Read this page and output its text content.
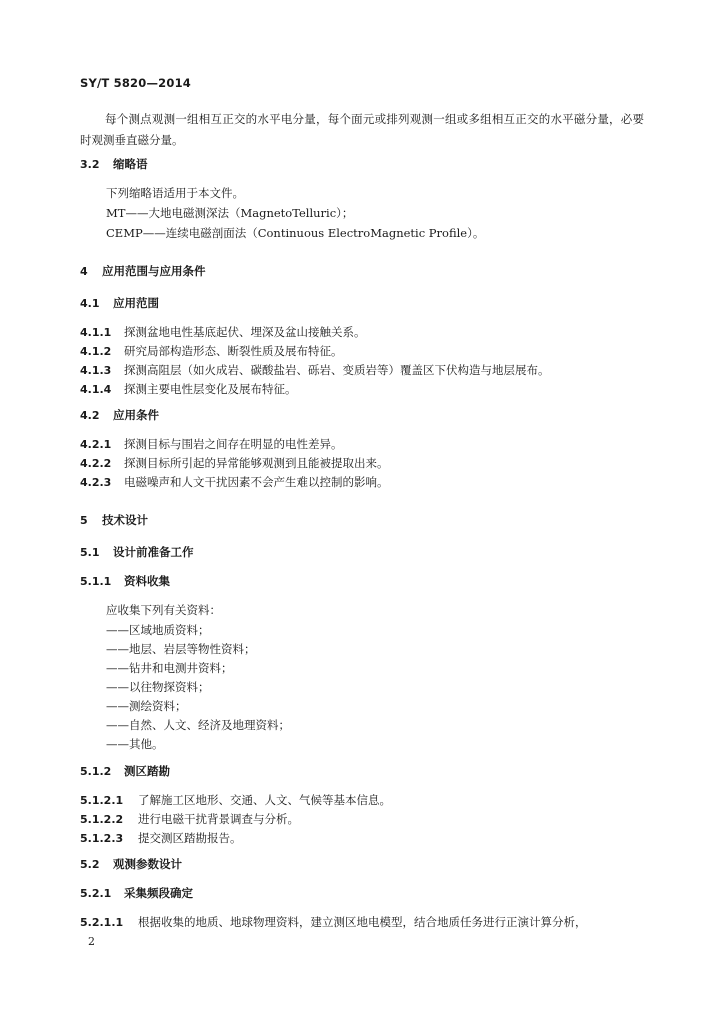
SY/T 5820—2014
每个测点观测一组相互正交的水平电分量，每个面元或排列观测一组或多组相互正交的水平磁分量，必要时观测垂直磁分量。
3.2 缩略语
下列缩略语适用于本文件。
MT——大地电磁测深法（MagnetoTelluric）；
CEMP——连续电磁剖面法（Continuous ElectroMagnetic Profile）。
4 应用范围与应用条件
4.1 应用范围
4.1.1 探测盆地电性基底起伏、埋深及盆山接触关系。
4.1.2 研究局部构造形态、断裂性质及展布特征。
4.1.3 探测高阻层（如火成岩、碳酸盐岩、砾岩、变质岩等）覆盖区下伏构造与地层展布。
4.1.4 探测主要电性层变化及展布特征。
4.2 应用条件
4.2.1 探测目标与围岩之间存在明显的电性差异。
4.2.2 探测目标所引起的异常能够观测到且能被提取出来。
4.2.3 电磁噪声和人文干扰因素不会产生难以控制的影响。
5 技术设计
5.1 设计前准备工作
5.1.1 资料收集
应收集下列有关资料：
——区域地质资料；
——地层、岩层等物性资料；
——钻井和电测井资料；
——以往物探资料；
——测绘资料；
——自然、人文、经济及地理资料；
——其他。
5.1.2 测区踏勘
5.1.2.1 了解施工区地形、交通、人文、气候等基本信息。
5.1.2.2 进行电磁干扰背景调查与分析。
5.1.2.3 提交测区踏勘报告。
5.2 观测参数设计
5.2.1 采集频段确定
5.2.1.1 根据收集的地质、地球物理资料，建立测区地电模型，结合地质任务进行正演计算分析，
2
